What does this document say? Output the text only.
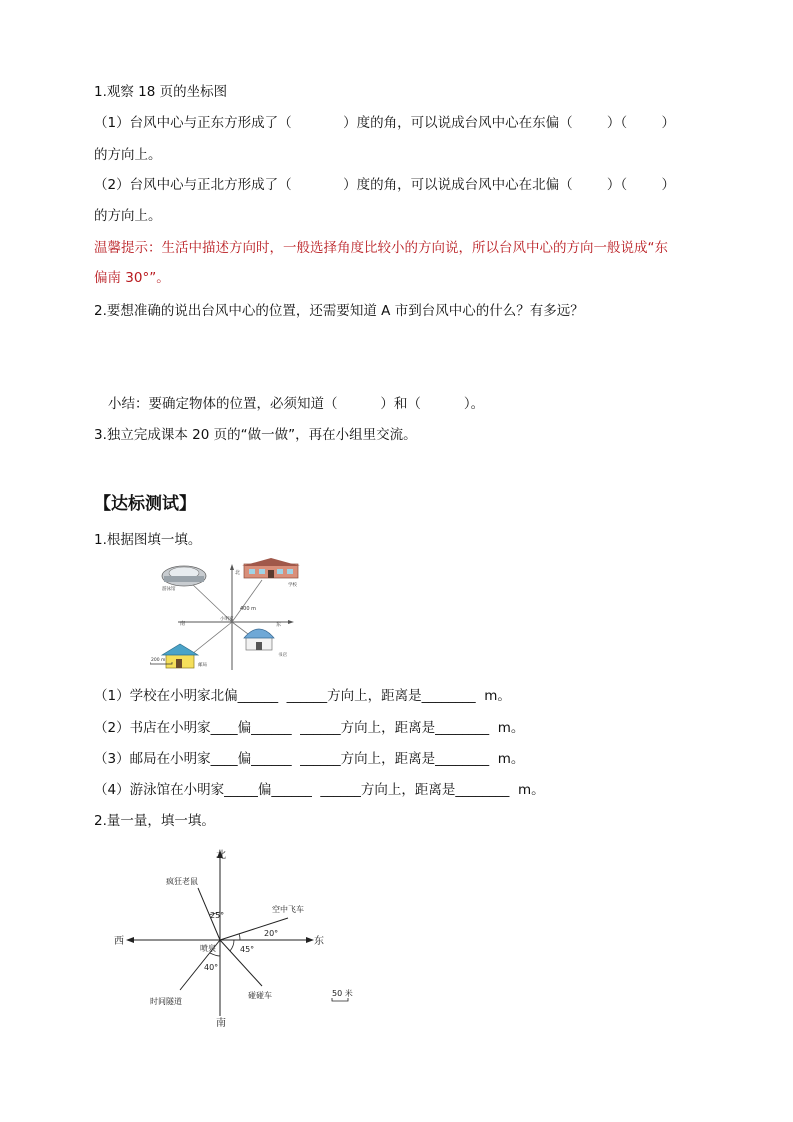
1.观察 18 页的坐标图
（1）台风中心与正东方形成了（            ）度的角，可以说成台风中心在东偏（        ）（        ）
的方向上。
（2）台风中心与正北方形成了（            ）度的角，可以说成台风中心在北偏（        ）（        ）
的方向上。
温馨提示：生活中描述方向时，一般选择角度比较小的方向说，所以台风中心的方向一般说成“东
偏南 30°”。
2.要想准确的说出台风中心的位置，还需要知道 A 市到台风中心的什么？有多远？
小结：要确定物体的位置，必须知道（          ）和（          ）。
3.独立完成课本 20 页的“做一做”，再在小组里交流。
【达标测试】
1.根据图填一填。
北
南	东
小明家
游泳馆
学校
书店
邮局
400 m
200 m
（1）学校在小明家北偏______  ______方向上，距离是________  m。
（2）书店在小明家____偏______  ______方向上，距离是________  m。
（3）邮局在小明家____偏______  ______方向上，距离是________  m。
（4）游泳馆在小明家_____偏______  ______方向上，距离是________  m。
2.量一量，填一填。
北
南
西	东
喷泉
疯狂老鼠
空中飞车
碰碰车
时间隧道
25°
20°
45°
40°
50 米
